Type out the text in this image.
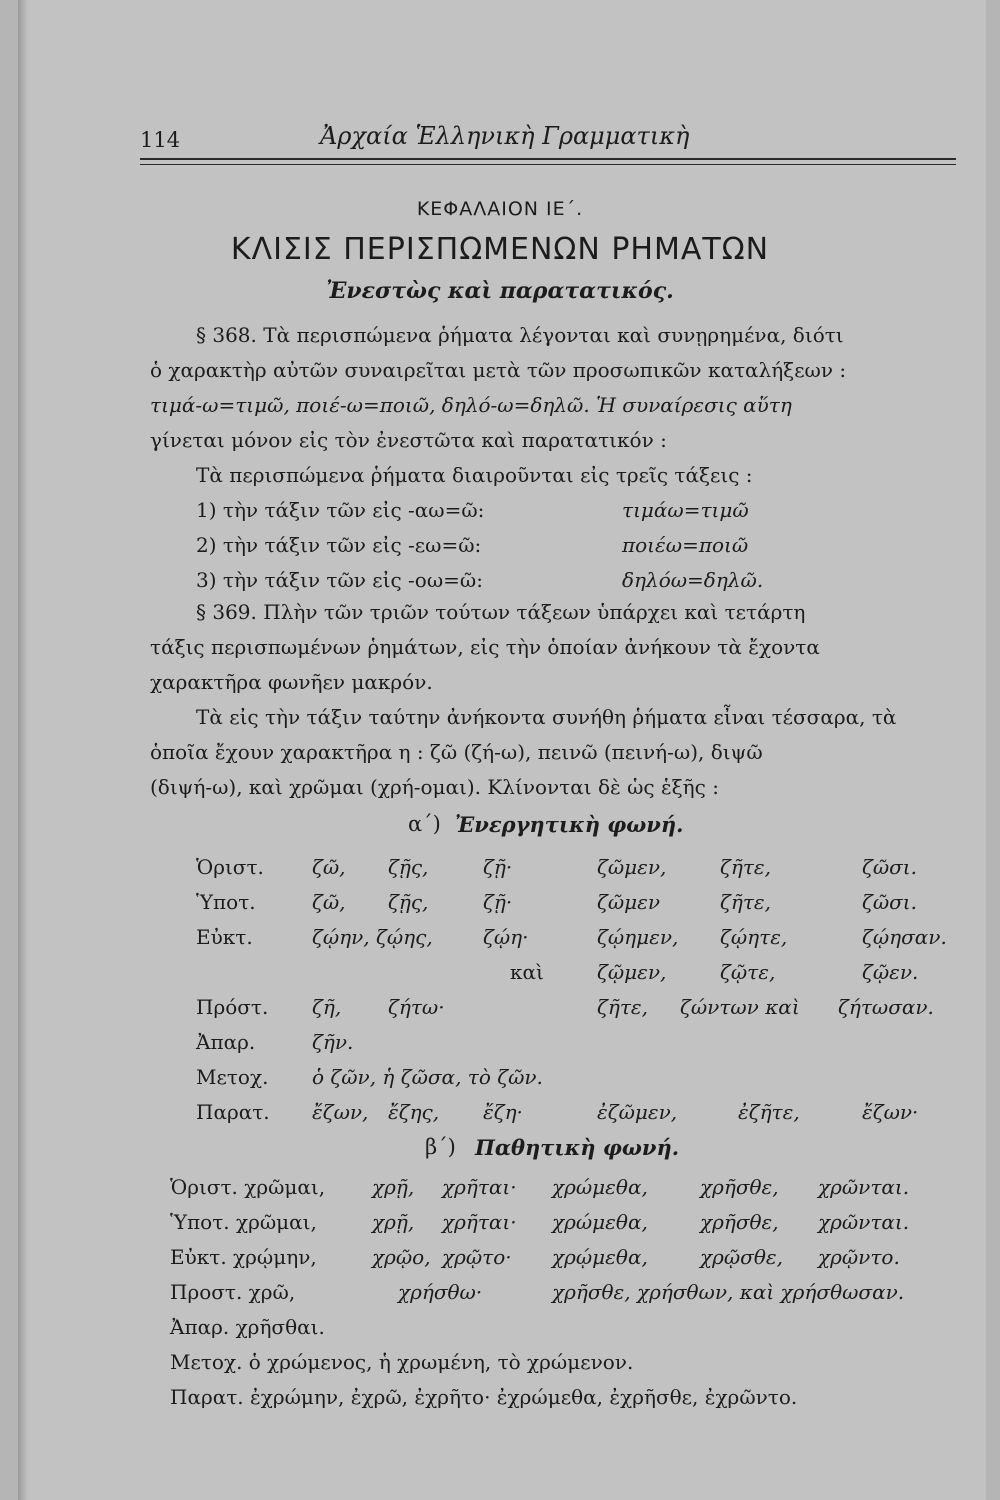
114	Ἀρχαία Ἑλληνικὴ Γραμματικὴ
ΚΕΦΑΛΑΙΟΝ ΙΕ΄.
ΚΛΙΣΙΣ ΠΕΡΙΣΠΩΜΕΝΩΝ ΡΗΜΑΤΩΝ
Ἐνεστὼς καὶ παρατατικός.
§ 368. Τὰ περισπώμενα ῥήματα λέγονται καὶ συνῃρημένα, διότι
ὁ χαρακτὴρ αὐτῶν συναιρεῖται μετὰ τῶν προσωπικῶν καταλήξεων :
τιμά-ω=τιμῶ, ποιέ-ω=ποιῶ, δηλό-ω=δηλῶ. Ἡ συναίρεσις αὕτη
γίνεται μόνον εἰς τὸν ἐνεστῶτα καὶ παρατατικόν :
Τὰ περισπώμενα ῥήματα διαιροῦνται εἰς τρεῖς τάξεις :
1) τὴν τάξιν τῶν εἰς -αω=ῶ:	τιμάω=τιμῶ
2) τὴν τάξιν τῶν εἰς -εω=ῶ:	ποιέω=ποιῶ
3) τὴν τάξιν τῶν εἰς -οω=ῶ:	δηλόω=δηλῶ.
§ 369. Πλὴν τῶν τριῶν τούτων τάξεων ὑπάρχει καὶ τετάρτη
τάξις περισπωμένων ῥημάτων, εἰς τὴν ὁποίαν ἀνήκουν τὰ ἔχοντα
χαρακτῆρα φωνῆεν μακρόν.
Τὰ εἰς τὴν τάξιν ταύτην ἀνήκοντα συνήθη ῥήματα εἶναι τέσσαρα, τὰ
ὁποῖα ἔχουν χαρακτῆρα η : ζῶ (ζή-ω), πεινῶ (πεινή-ω), διψῶ
(διψή-ω), καὶ χρῶμαι (χρή-ομαι). Κλίνονται δὲ ὡς ἑξῆς :
α΄) Ἐνεργητικὴ φωνή.
Ὁριστ. ζῶ, ζῇς,	ζῇ·	ζῶμεν,	ζῆτε,	ζῶσι.
Ὑποτ.	ζῶ, ζῇς,	ζῇ·	ζῶμεν	ζῆτε,	ζῶσι.
Εὐκτ.	ζῴην, ζῴης,	ζῴη·	ζῴημεν, ζῴητε,	ζῴησαν.
καὶ	ζῷμεν,	ζῷτε,	ζῷεν.
Πρόστ. ζῆ, ζήτω·	ζῆτε, ζώντων καὶ ζήτωσαν.
Ἀπαρ.	ζῆν.
Μετοχ. ὁ ζῶν, ἡ ζῶσα, τὸ ζῶν.
Παρατ. ἔζων, ἔζης, ἔζη·	ἐζῶμεν,	ἐζῆτε,	ἔζων·
β΄) Παθητικὴ φωνή.
Ὁριστ. χρῶμαι, χρῇ, χρῆται· χρώμεθα,	χρῆσθε, χρῶνται.
Ὑποτ. χρῶμαι,	χρῇ, χρῆται· χρώμεθα,	χρῆσθε, χρῶνται.
Εὐκτ. χρῴμην,	χρῷο, χρῷτο· χρῴμεθα,	χρῷσθε, χρῷντο.
Προστ. χρῶ,	χρήσθω·	χρῆσθε, χρήσθων, καὶ χρήσθωσαν.
Ἀπαρ. χρῆσθαι.
Μετοχ. ὁ χρώμενος, ἡ χρωμένη, τὸ χρώμενον.
Παρατ. ἐχρώμην, ἐχρῶ, ἐχρῆτο· ἐχρώμεθα, ἐχρῆσθε, ἐχρῶντο.
